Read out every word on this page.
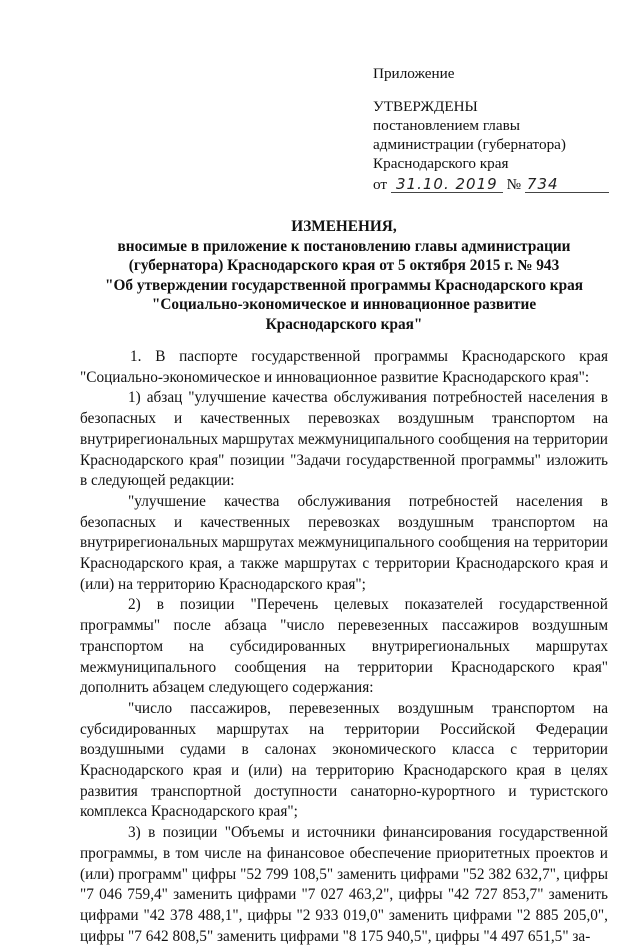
Приложение
УТВЕРЖДЕНЫ
постановлением главы
администрации (губернатора)
Краснодарского края
от 31.10. 2019 № 734
ИЗМЕНЕНИЯ,
вносимые в приложение к постановлению главы администрации
(губернатора) Краснодарского края от 5 октября 2015 г. № 943
"Об утверждении государственной программы Краснодарского края
"Социально-экономическое и инновационное развитие
Краснодарского края"

1. В паспорте государственной программы Краснодарского края "Социально-экономическое и инновационное развитие Краснодарского края":

1) абзац "улучшение качества обслуживания потребностей населения в безопасных и качественных перевозках воздушным транспортом на внутрирегиональных маршрутах межмуниципального сообщения на территории Краснодарского края" позиции "Задачи государственной программы" изложить в следующей редакции:

"улучшение качества обслуживания потребностей населения в безопасных и качественных перевозках воздушным транспортом на внутрирегиональных маршрутах межмуниципального сообщения на территории Краснодарского края, а также маршрутах с территории Краснодарского края и (или) на территорию Краснодарского края";

2) в позиции "Перечень целевых показателей государственной программы" после абзаца "число перевезенных пассажиров воздушным транспортом на субсидированных внутрирегиональных маршрутах межмуниципального сообщения на территории Краснодарского края" дополнить абзацем следующего содержания:

"число пассажиров, перевезенных воздушным транспортом на субсидированных маршрутах на территории Российской Федерации воздушными судами в салонах экономического класса с территории Краснодарского края и (или) на территорию Краснодарского края в целях развития транспортной доступности санаторно-курортного и туристского комплекса Краснодарского края";

3) в позиции "Объемы и источники финансирования государственной программы, в том числе на финансовое обеспечение приоритетных проектов и (или) программ" цифры "52 799 108,5" заменить цифрами "52 382 632,7", цифры "7 046 759,4" заменить цифрами "7 027 463,2", цифры "42 727 853,7" заменить цифрами "42 378 488,1", цифры "2 933 019,0" заменить цифрами "2 885 205,0", цифры "7 642 808,5" заменить цифрами "8 175 940,5", цифры "4 497 651,5" за-
